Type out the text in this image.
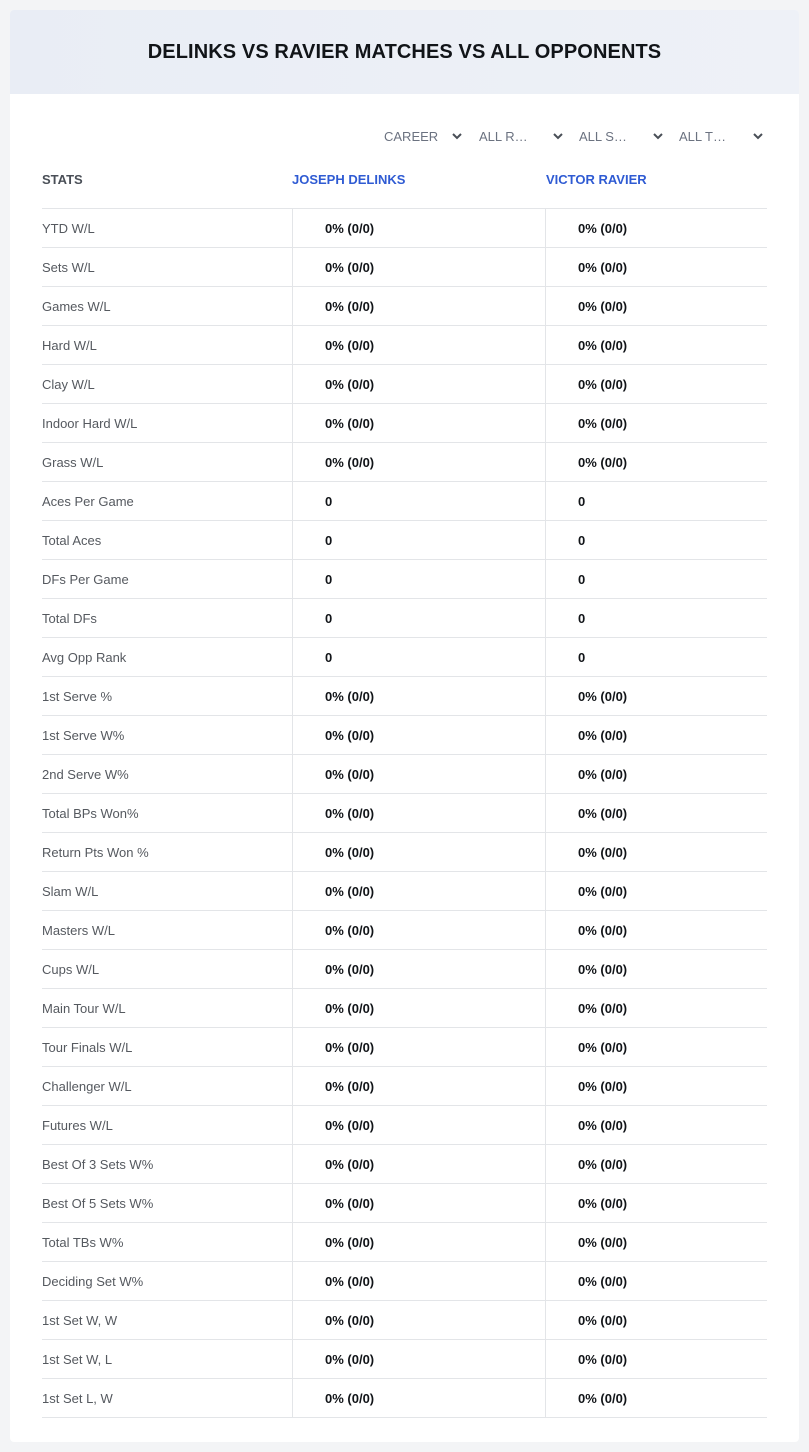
DELINKS VS RAVIER MATCHES VS ALL OPPONENTS
CAREER	ALL R…	ALL S…	ALL T…
STATS	JOSEPH DELINKS	VICTOR RAVIER
YTD W/L	0% (0/0)	0% (0/0)
Sets W/L	0% (0/0)	0% (0/0)
Games W/L	0% (0/0)	0% (0/0)
Hard W/L	0% (0/0)	0% (0/0)
Clay W/L	0% (0/0)	0% (0/0)
Indoor Hard W/L	0% (0/0)	0% (0/0)
Grass W/L	0% (0/0)	0% (0/0)
Aces Per Game	0	0
Total Aces	0	0
DFs Per Game	0	0
Total DFs	0	0
Avg Opp Rank	0	0
1st Serve %	0% (0/0)	0% (0/0)
1st Serve W%	0% (0/0)	0% (0/0)
2nd Serve W%	0% (0/0)	0% (0/0)
Total BPs Won%	0% (0/0)	0% (0/0)
Return Pts Won %	0% (0/0)	0% (0/0)
Slam W/L	0% (0/0)	0% (0/0)
Masters W/L	0% (0/0)	0% (0/0)
Cups W/L	0% (0/0)	0% (0/0)
Main Tour W/L	0% (0/0)	0% (0/0)
Tour Finals W/L	0% (0/0)	0% (0/0)
Challenger W/L	0% (0/0)	0% (0/0)
Futures W/L	0% (0/0)	0% (0/0)
Best Of 3 Sets W%	0% (0/0)	0% (0/0)
Best Of 5 Sets W%	0% (0/0)	0% (0/0)
Total TBs W%	0% (0/0)	0% (0/0)
Deciding Set W%	0% (0/0)	0% (0/0)
1st Set W, W	0% (0/0)	0% (0/0)
1st Set W, L	0% (0/0)	0% (0/0)
1st Set L, W	0% (0/0)	0% (0/0)
